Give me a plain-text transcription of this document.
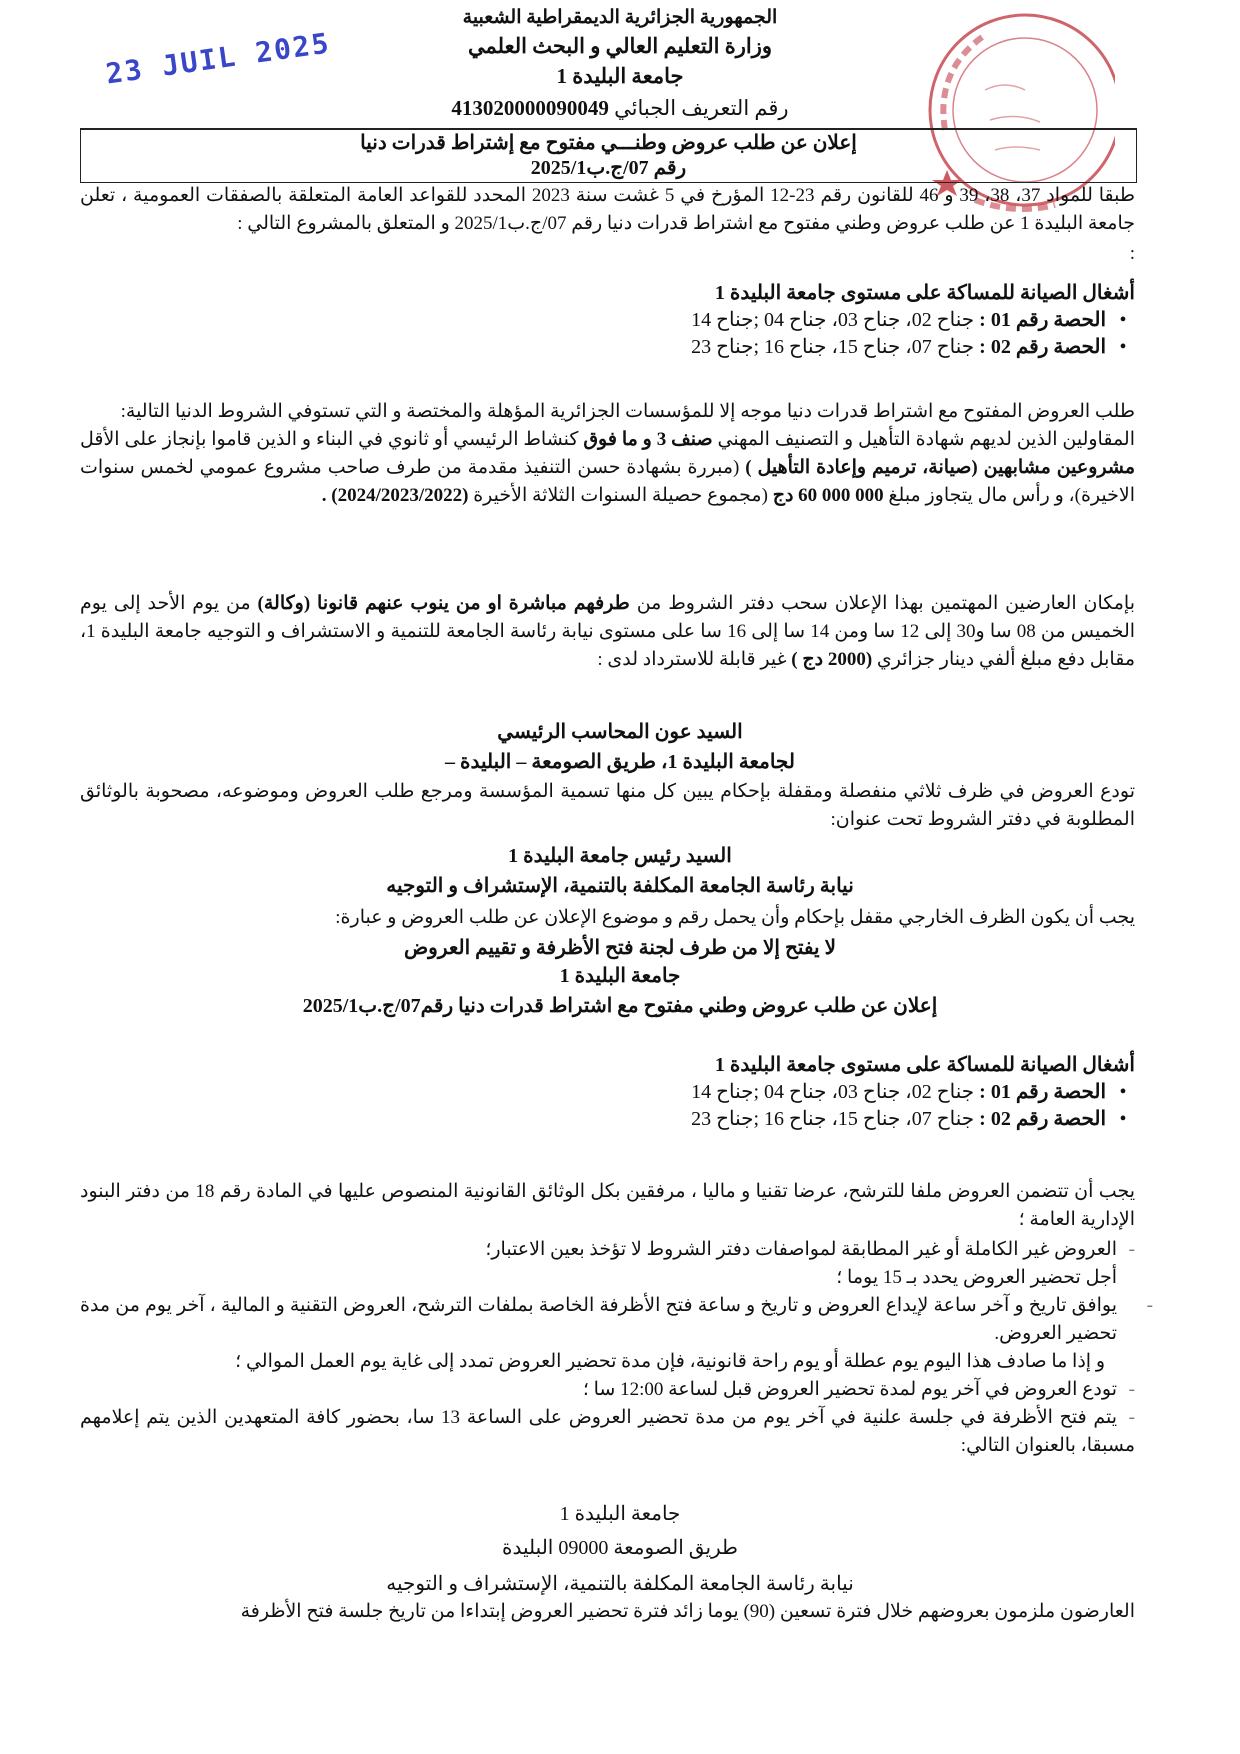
23 JUIL 2025
الجمهورية الجزائرية الديمقراطية الشعبية
وزارة التعليم العالي و البحث العلمي
جامعة البليدة 1
رقم التعريف الجبائي 413020000090049
إعلان عن طلب عروض وطنـــي مفتوح مع إشتراط قدرات دنيا
رقم 07/ج.ب2025/1
طبقا للمواد 37، 38، 39 و 46 للقانون رقم 23-12 المؤرخ في 5 غشت سنة 2023 المحدد للقواعد العامة المتعلقة بالصفقات العمومية ، تعلن جامعة البليدة 1 عن طلب عروض وطني مفتوح مع اشتراط قدرات دنيا رقم 07/ج.ب2025/1 و المتعلق بالمشروع التالي :
:
أشغال الصيانة للمساكة على مستوى جامعة البليدة 1
• الحصة رقم 01 : جناح 02، جناح 03، جناح 04 ;جناح 14
• الحصة رقم 02 : جناح 07، جناح 15، جناح 16 ;جناح 23
طلب العروض المفتوح مع اشتراط قدرات دنيا موجه إلا للمؤسسات الجزائرية المؤهلة والمختصة و التي تستوفي الشروط الدنيا التالية:
المقاولين الذين لديهم شهادة التأهيل و التصنيف المهني صنف 3 و ما فوق كنشاط الرئيسي أو ثانوي في البناء و الذين قاموا بإنجاز على الأقل مشروعين مشابهين (صيانة، ترميم وإعادة التأهيل ) (مبررة بشهادة حسن التنفيذ مقدمة من طرف صاحب مشروع عمومي لخمس سنوات الاخيرة)، و رأس مال يتجاوز مبلغ 000 000 60 دج (مجموع حصيلة السنوات الثلاثة الأخيرة (2024/2023/2022) .
بإمكان العارضين المهتمين بهذا الإعلان سحب دفتر الشروط من طرفهم مباشرة او من ينوب عنهم قانونا (وكالة) من يوم الأحد إلى يوم الخميس من 08 سا و30 إلى 12 سا ومن 14 سا إلى 16 سا على مستوى نيابة رئاسة الجامعة للتنمية و الاستشراف و التوجيه جامعة البليدة 1، مقابل دفع مبلغ ألفي دينار جزائري (2000 دج ) غير قابلة للاسترداد لدى :
السيد عون المحاسب الرئيسي
لجامعة البليدة 1، طريق الصومعة – البليدة –
تودع العروض في ظرف ثلاثي منفصلة ومقفلة بإحكام يبين كل منها تسمية المؤسسة ومرجع طلب العروض وموضوعه، مصحوبة بالوثائق المطلوبة في دفتر الشروط تحت عنوان:
السيد رئيس جامعة البليدة 1
نيابة رئاسة الجامعة المكلفة بالتنمية، الإستشراف و التوجيه
يجب أن يكون الظرف الخارجي مقفل بإحكام وأن يحمل رقم و موضوع الإعلان عن طلب العروض و عبارة:
لا يفتح إلا من طرف لجنة فتح الأظرفة و تقييم العروض
جامعة البليدة 1
إعلان عن طلب عروض وطني مفتوح مع اشتراط قدرات دنيا رقم07/ج.ب2025/1
أشغال الصيانة للمساكة على مستوى جامعة البليدة 1
• الحصة رقم 01 : جناح 02، جناح 03، جناح 04 ;جناح 14
• الحصة رقم 02 : جناح 07، جناح 15، جناح 16 ;جناح 23
يجب أن تتضمن العروض ملفا للترشح، عرضا تقنيا و ماليا ، مرفقين بكل الوثائق القانونية المنصوص عليها في المادة رقم 18 من دفتر البنود الإدارية العامة ؛
-العروض غير الكاملة أو غير المطابقة لمواصفات دفتر الشروط لا تؤخذ بعين الاعتبار؛
أجل تحضير العروض يحدد بـ 15 يوما ؛
-يوافق تاريخ و آخر ساعة لإيداع العروض و تاريخ و ساعة فتح الأظرفة الخاصة بملفات الترشح، العروض التقنية و المالية ، آخر يوم من مدة تحضير العروض.
و إذا ما صادف هذا اليوم يوم عطلة أو يوم راحة قانونية، فإن مدة تحضير العروض تمدد إلى غاية يوم العمل الموالي ؛
-تودع العروض في آخر يوم لمدة تحضير العروض قبل لساعة 12:00 سا ؛
-يتم فتح الأظرفة في جلسة علنية في آخر يوم من مدة تحضير العروض على الساعة 13 سا، بحضور كافة المتعهدين الذين يتم إعلامهم مسبقا، بالعنوان التالي:
جامعة البليدة 1
طريق الصومعة 09000 البليدة
نيابة رئاسة الجامعة المكلفة بالتنمية، الإستشراف و التوجيه
العارضون ملزمون بعروضهم خلال فترة تسعين (90) يوما زائد فترة تحضير العروض إبتداءا من تاريخ جلسة فتح الأظرفة
